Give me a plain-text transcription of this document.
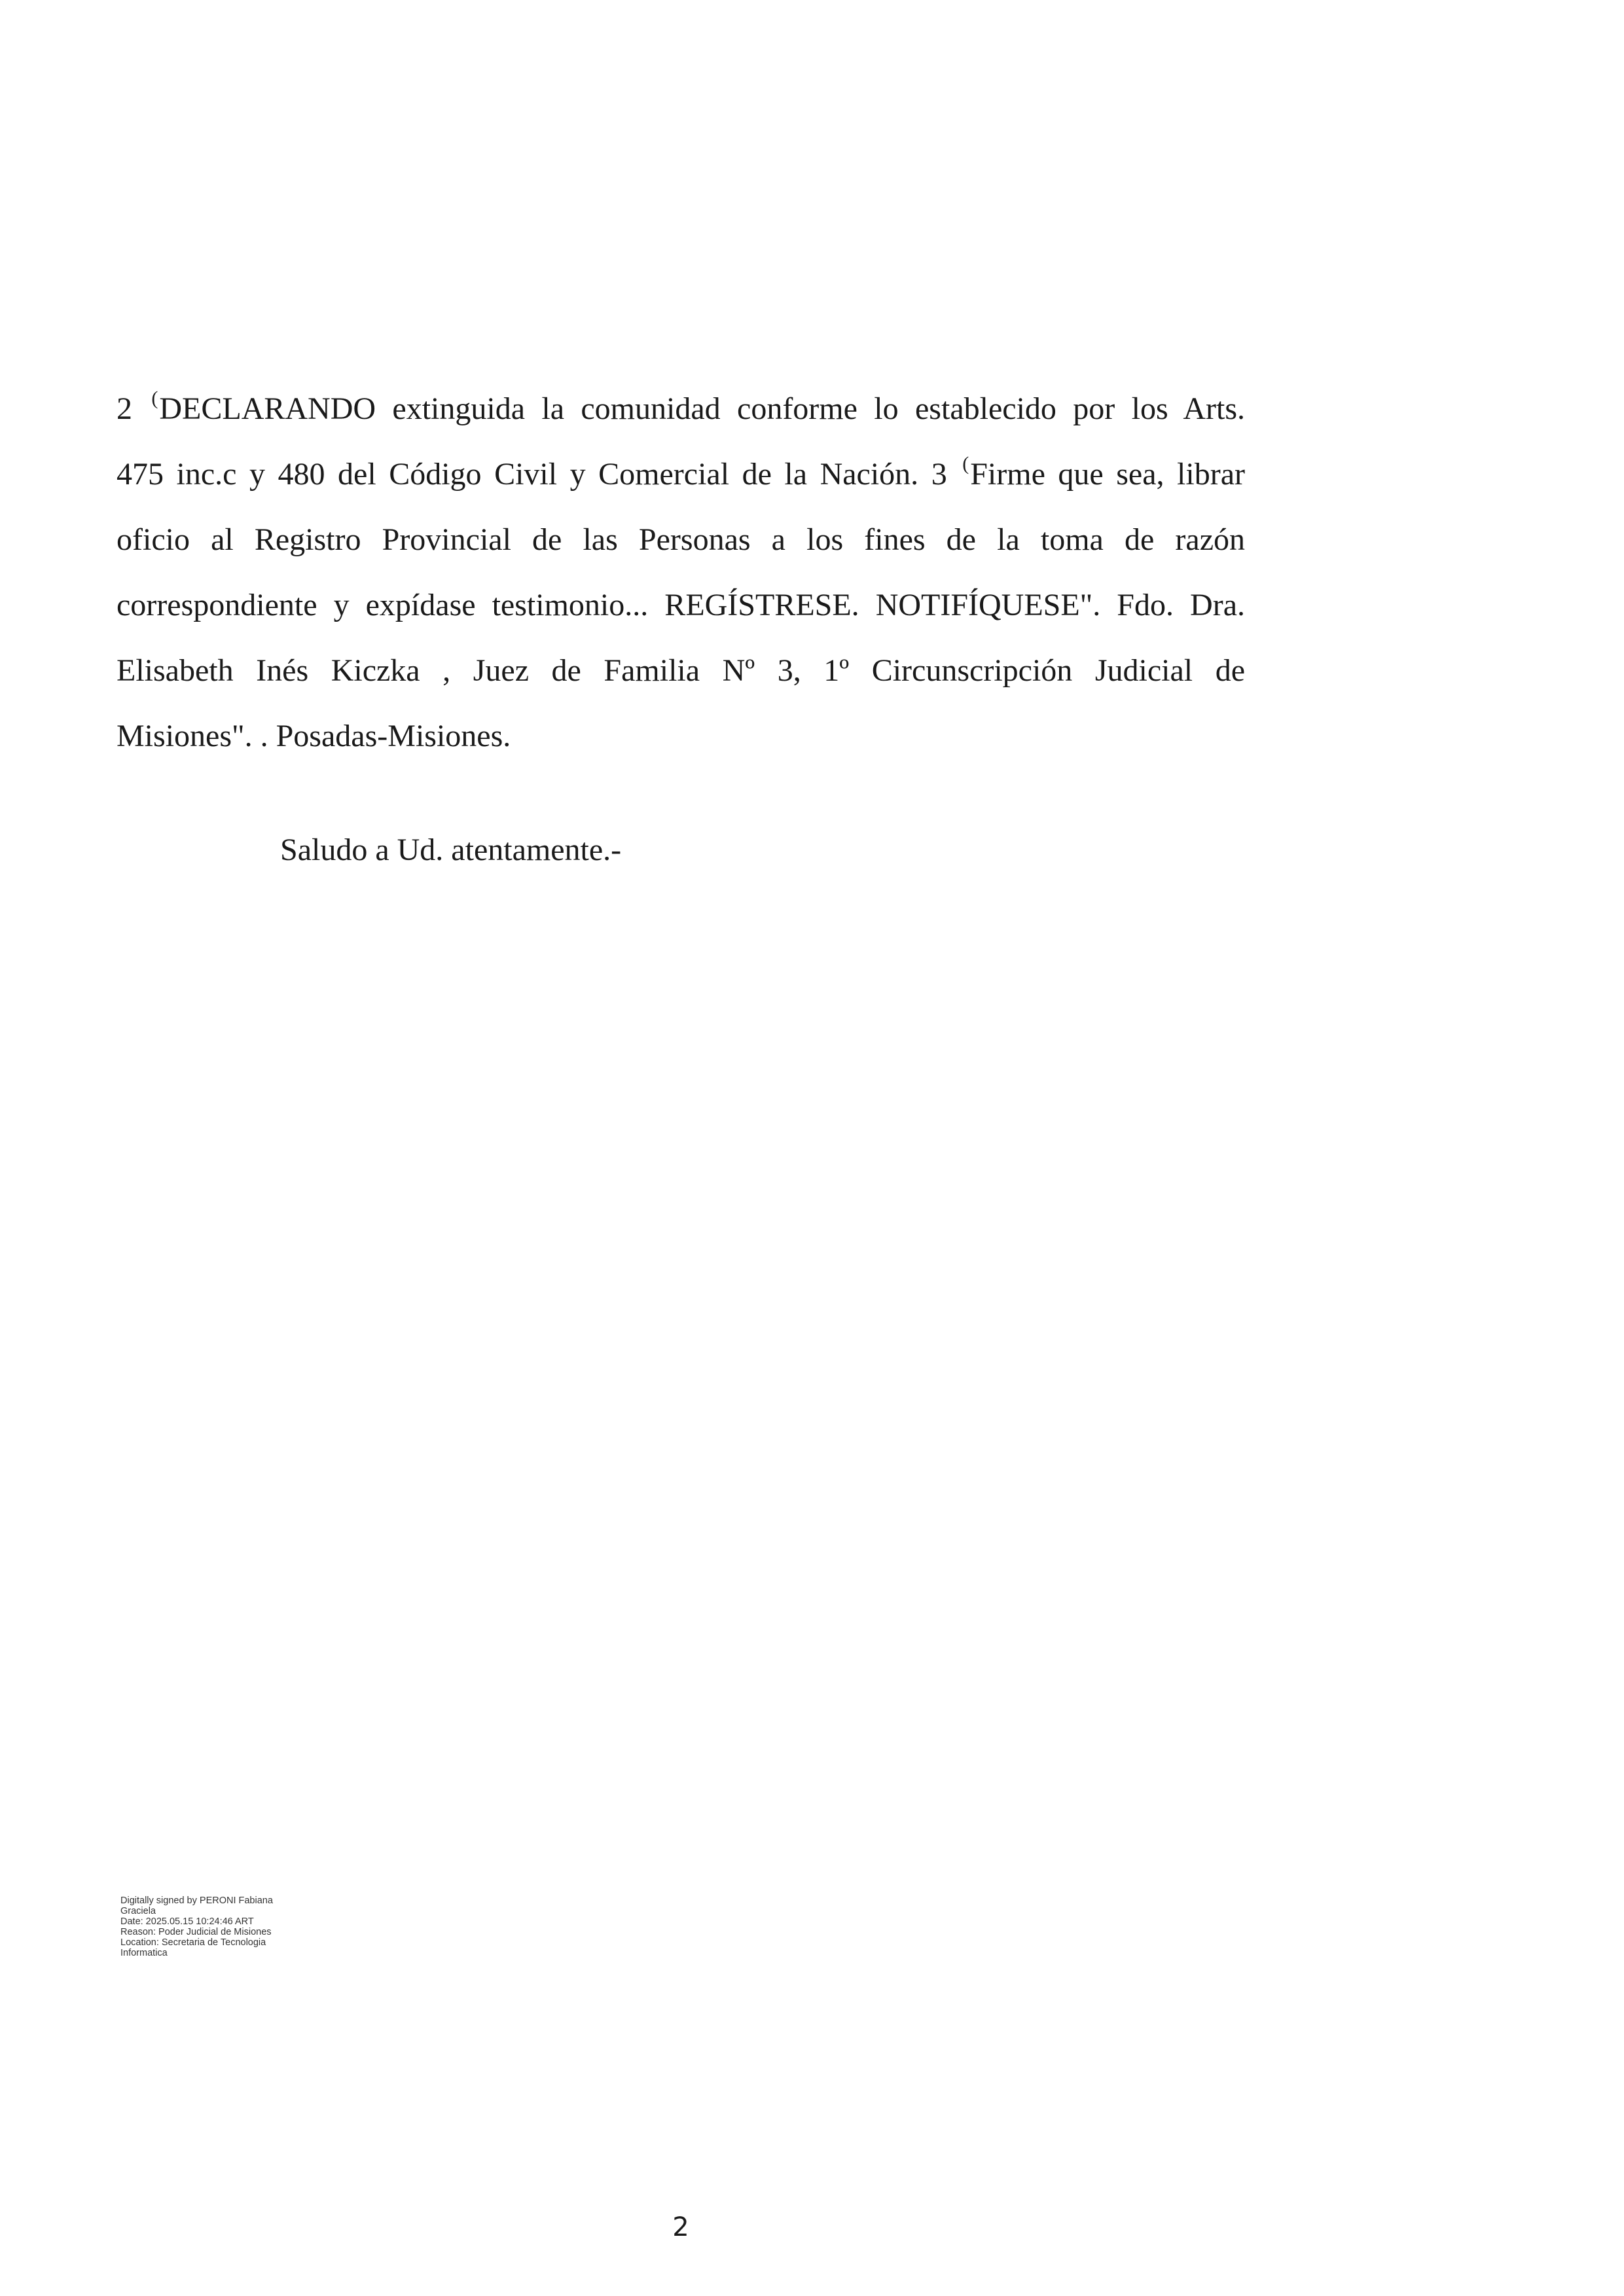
2 (DECLARANDO extinguida la comunidad conforme lo establecido por los Arts.
475 inc.c y 480 del Código Civil y Comercial de la Nación. 3 (Firme que sea, librar
oficio al Registro Provincial de las Personas a los fines de la toma de razón
correspondiente y expídase testimonio... REGÍSTRESE. NOTIFÍQUESE". Fdo. Dra.
Elisabeth Inés Kiczka , Juez de Familia Nº 3, 1º Circunscripción Judicial de
Misiones". . Posadas-Misiones.
Saludo a Ud. atentamente.-
Digitally signed by PERONI Fabiana
Graciela
Date: 2025.05.15 10:24:46 ART
Reason: Poder Judicial de Misiones
Location: Secretaria de Tecnologia
Informatica
2
